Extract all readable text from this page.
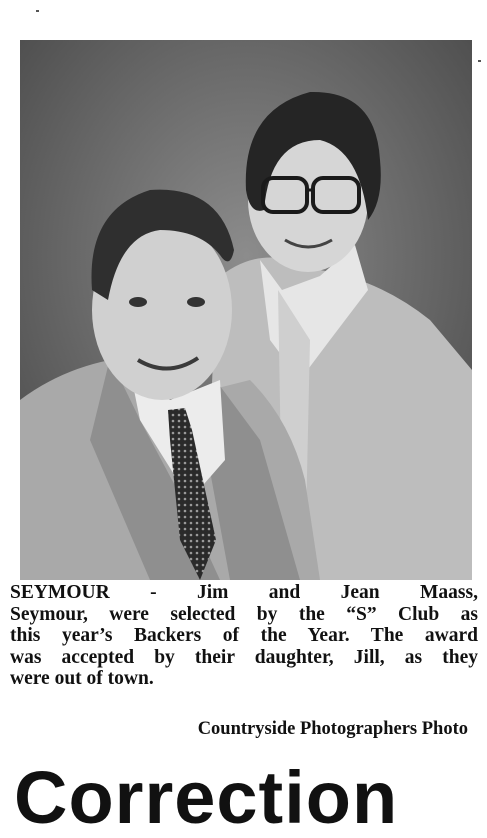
SEYMOUR - Jim and Jean Maass,
Seymour, were selected by the “S” Club as
this year’s Backers of the Year. The award
was accepted by their daughter, Jill, as they
were out of town.
Countryside Photographers Photo
Correction
